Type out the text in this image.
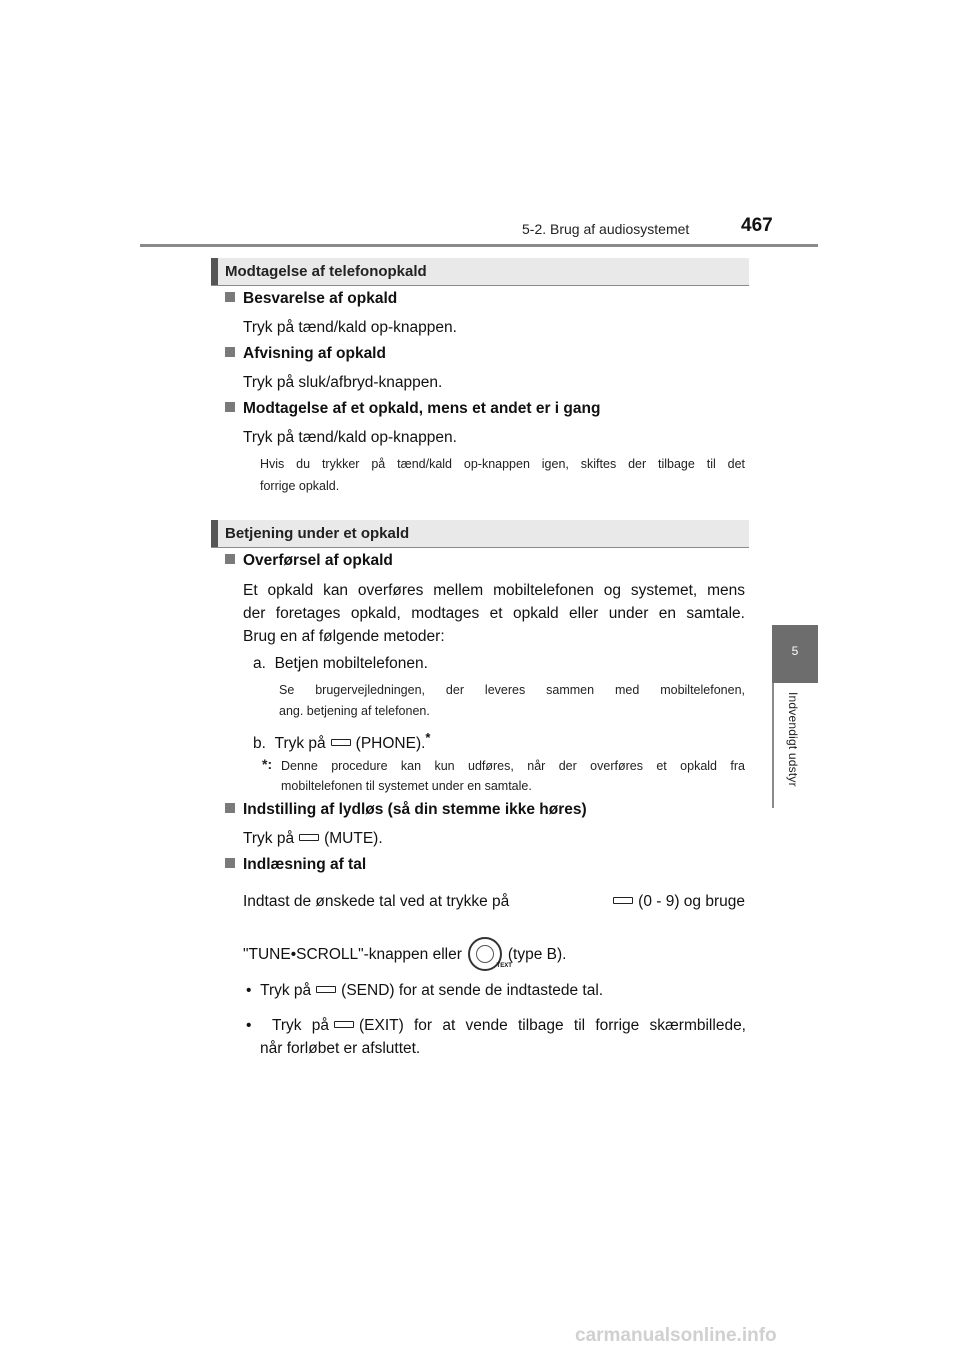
5-2. Brug af audiosystemet	467
5
Indvendigt udstyr
Modtagelse af telefonopkald
Besvarelse af opkald
Tryk på tænd/kald op-knappen.
Afvisning af opkald
Tryk på sluk/afbryd-knappen.
Modtagelse af et opkald, mens et andet er i gang
Tryk på tænd/kald op-knappen.
Hvis du trykker på tænd/kald op-knappen igen, skiftes der tilbage til det
forrige opkald.
Betjening under et opkald
Overførsel af opkald
Et opkald kan overføres mellem mobiltelefonen og systemet, mens
der foretages opkald, modtages et opkald eller under en samtale.
Brug en af følgende metoder:
a. Betjen mobiltelefonen.
Se brugervejledningen, der leveres sammen med mobiltelefonen,
ang. betjening af telefonen.
b. Tryk på (PHONE).*
*: Denne procedure kan kun udføres, når der overføres et opkald fra
mobiltelefonen til systemet under en samtale.
Indstilling af lydløs (så din stemme ikke høres)
Tryk på (MUTE).
Indlæsning af tal
Indtast de ønskede tal ved at trykke på	(0 - 9) og bruge
"TUNE•SCROLL"-knappen eller
TEXT
(type B).
• Tryk på (SEND) for at sende de indtastede tal.
• Tryk på (EXIT) for at vende tilbage til forrige skærmbillede,
når forløbet er afsluttet.
carmanualsonline.info
